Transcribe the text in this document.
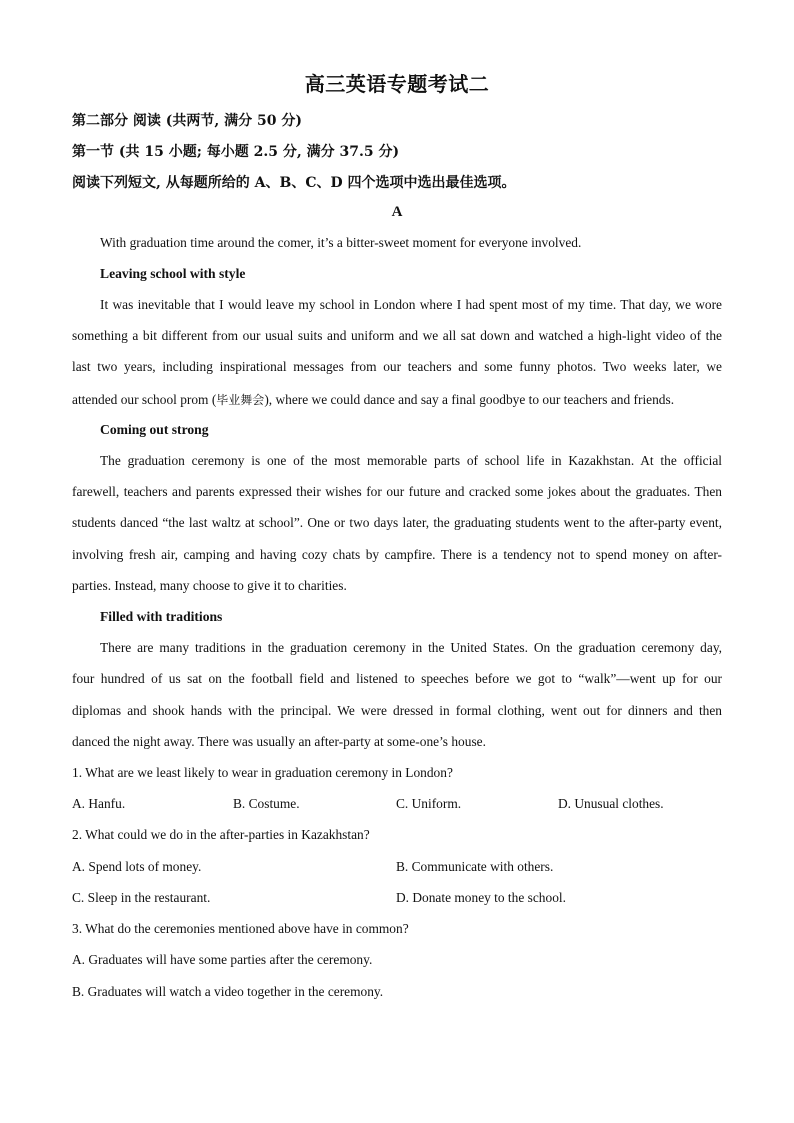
高三英语专题考试二
第二部分 阅读 (共两节, 满分 50 分)
第一节 (共 15 小题; 每小题 2.5 分, 满分 37.5 分)
阅读下列短文, 从每题所给的 A、B、C、D 四个选项中选出最佳选项。
A
With graduation time around the comer, it’s a bitter-sweet moment for everyone involved.
Leaving school with style
It was inevitable that I would leave my school in London where I had spent most of my time. That day, we wore
something a bit different from our usual suits and uniform and we all sat down and watched a high-light video of the
last two years, including inspirational messages from our teachers and some funny photos. Two weeks later, we
attended our school prom (毕业舞会), where we could dance and say a final goodbye to our teachers and friends.
Coming out strong
The graduation ceremony is one of the most memorable parts of school life in Kazakhstan. At the official
farewell, teachers and parents expressed their wishes for our future and cracked some jokes about the graduates. Then
students danced “the last waltz at school”. One or two days later, the graduating students went to the after-party event,
involving fresh air, camping and having cozy chats by campfire. There is a tendency not to spend money on after-
parties. Instead, many choose to give it to charities.
Filled with traditions
There are many traditions in the graduation ceremony in the United States. On the graduation ceremony day,
four hundred of us sat on the football field and listened to speeches before we got to “walk”—went up for our
diplomas and shook hands with the principal. We were dressed in formal clothing, went out for dinners and then
danced the night away. There was usually an after-party at some-one’s house.
1. What are we least likely to wear in graduation ceremony in London?
A. Hanfu.	B. Costume.	C. Uniform.	D. Unusual clothes.
2. What could we do in the after-parties in Kazakhstan?
A. Spend lots of money.	B. Communicate with others.
C. Sleep in the restaurant.	D. Donate money to the school.
3. What do the ceremonies mentioned above have in common?
A. Graduates will have some parties after the ceremony.
B. Graduates will watch a video together in the ceremony.
